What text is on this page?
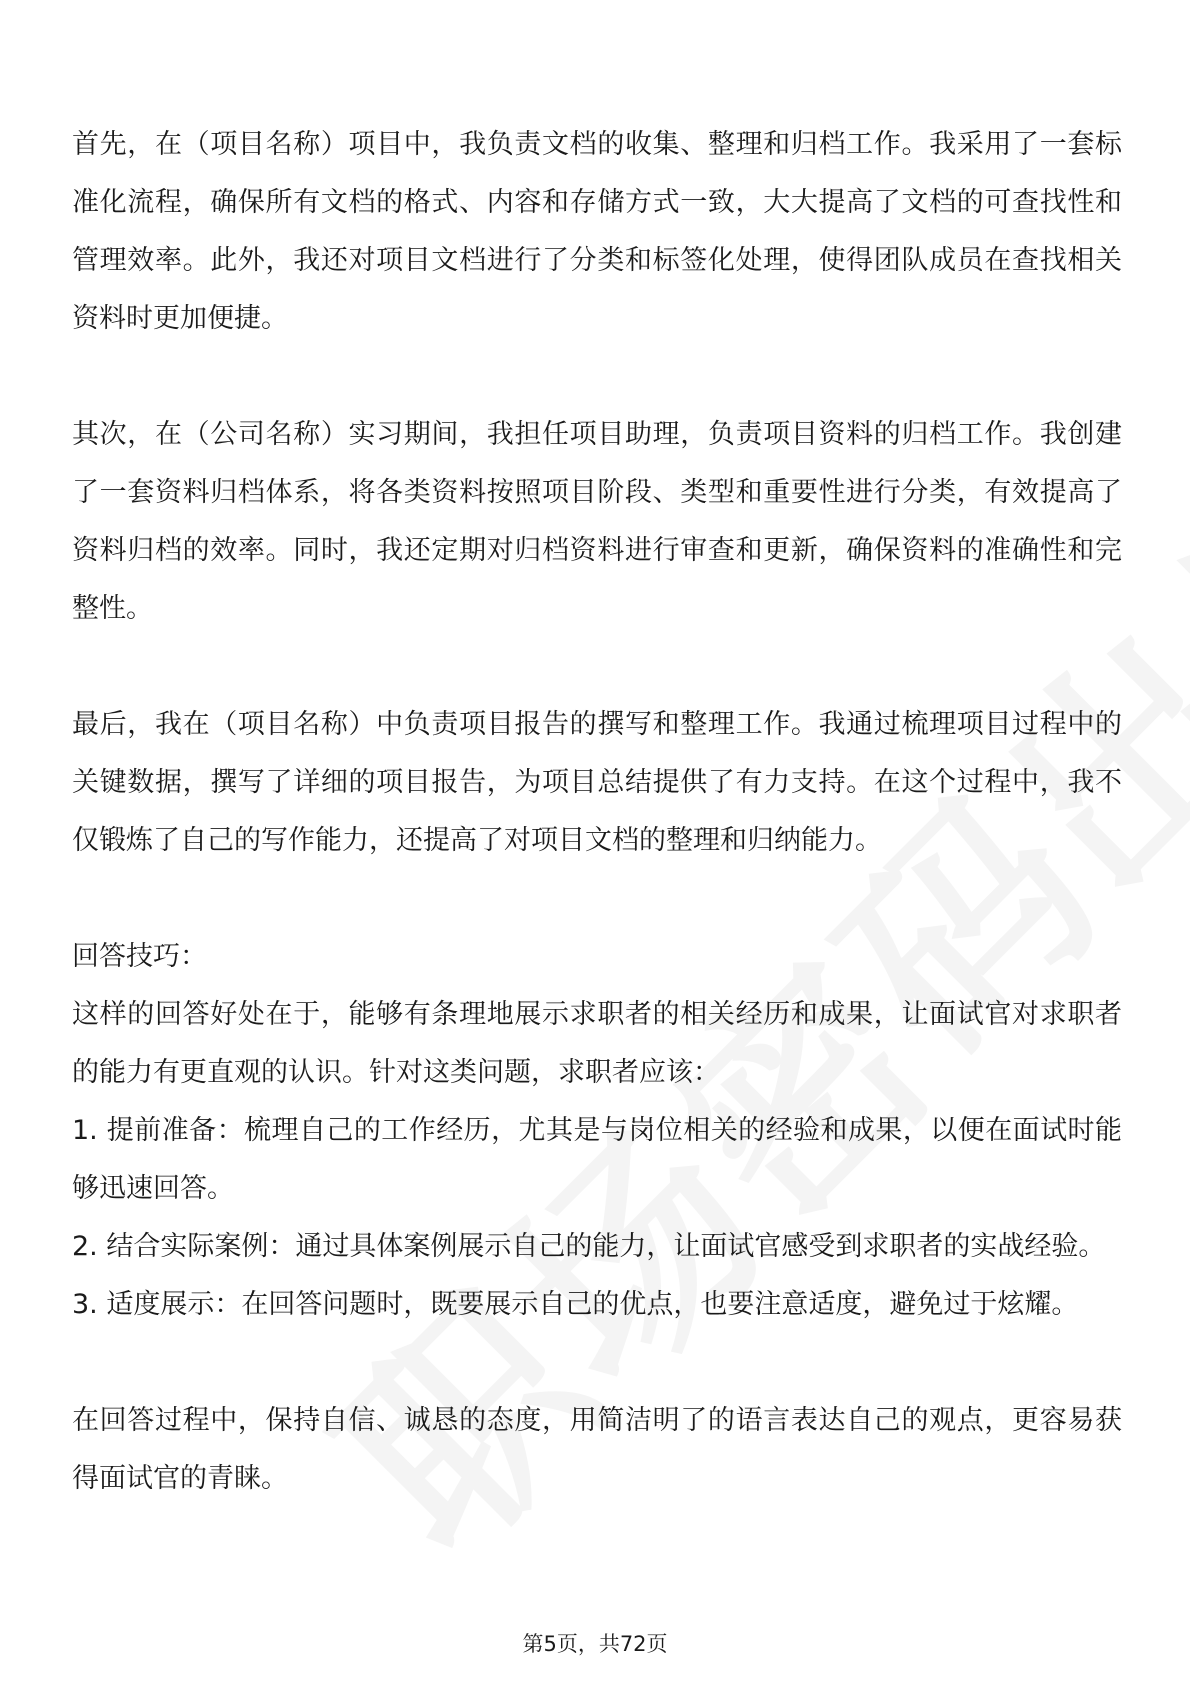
首先，在（项目名称）项目中，我负责文档的收集、整理和归档工作。我采用了一套标准化流程，确保所有文档的格式、内容和存储方式一致，大大提高了文档的可查找性和管理效率。此外，我还对项目文档进行了分类和标签化处理，使得团队成员在查找相关资料时更加便捷。

其次，在（公司名称）实习期间，我担任项目助理，负责项目资料的归档工作。我创建了一套资料归档体系，将各类资料按照项目阶段、类型和重要性进行分类，有效提高了资料归档的效率。同时，我还定期对归档资料进行审查和更新，确保资料的准确性和完整性。

最后，我在（项目名称）中负责项目报告的撰写和整理工作。我通过梳理项目过程中的关键数据，撰写了详细的项目报告，为项目总结提供了有力支持。在这个过程中，我不仅锻炼了自己的写作能力，还提高了对项目文档的整理和归纳能力。

回答技巧：

这样的回答好处在于，能够有条理地展示求职者的相关经历和成果，让面试官对求职者的能力有更直观的认识。针对这类问题，求职者应该：

1. 提前准备：梳理自己的工作经历，尤其是与岗位相关的经验和成果，以便在面试时能够迅速回答。

2. 结合实际案例：通过具体案例展示自己的能力，让面试官感受到求职者的实战经验。

3. 适度展示：在回答问题时，既要展示自己的优点，也要注意适度，避免过于炫耀。

在回答过程中，保持自信、诚恳的态度，用简洁明了的语言表达自己的观点，更容易获得面试官的青睐。

第5页，共72页
